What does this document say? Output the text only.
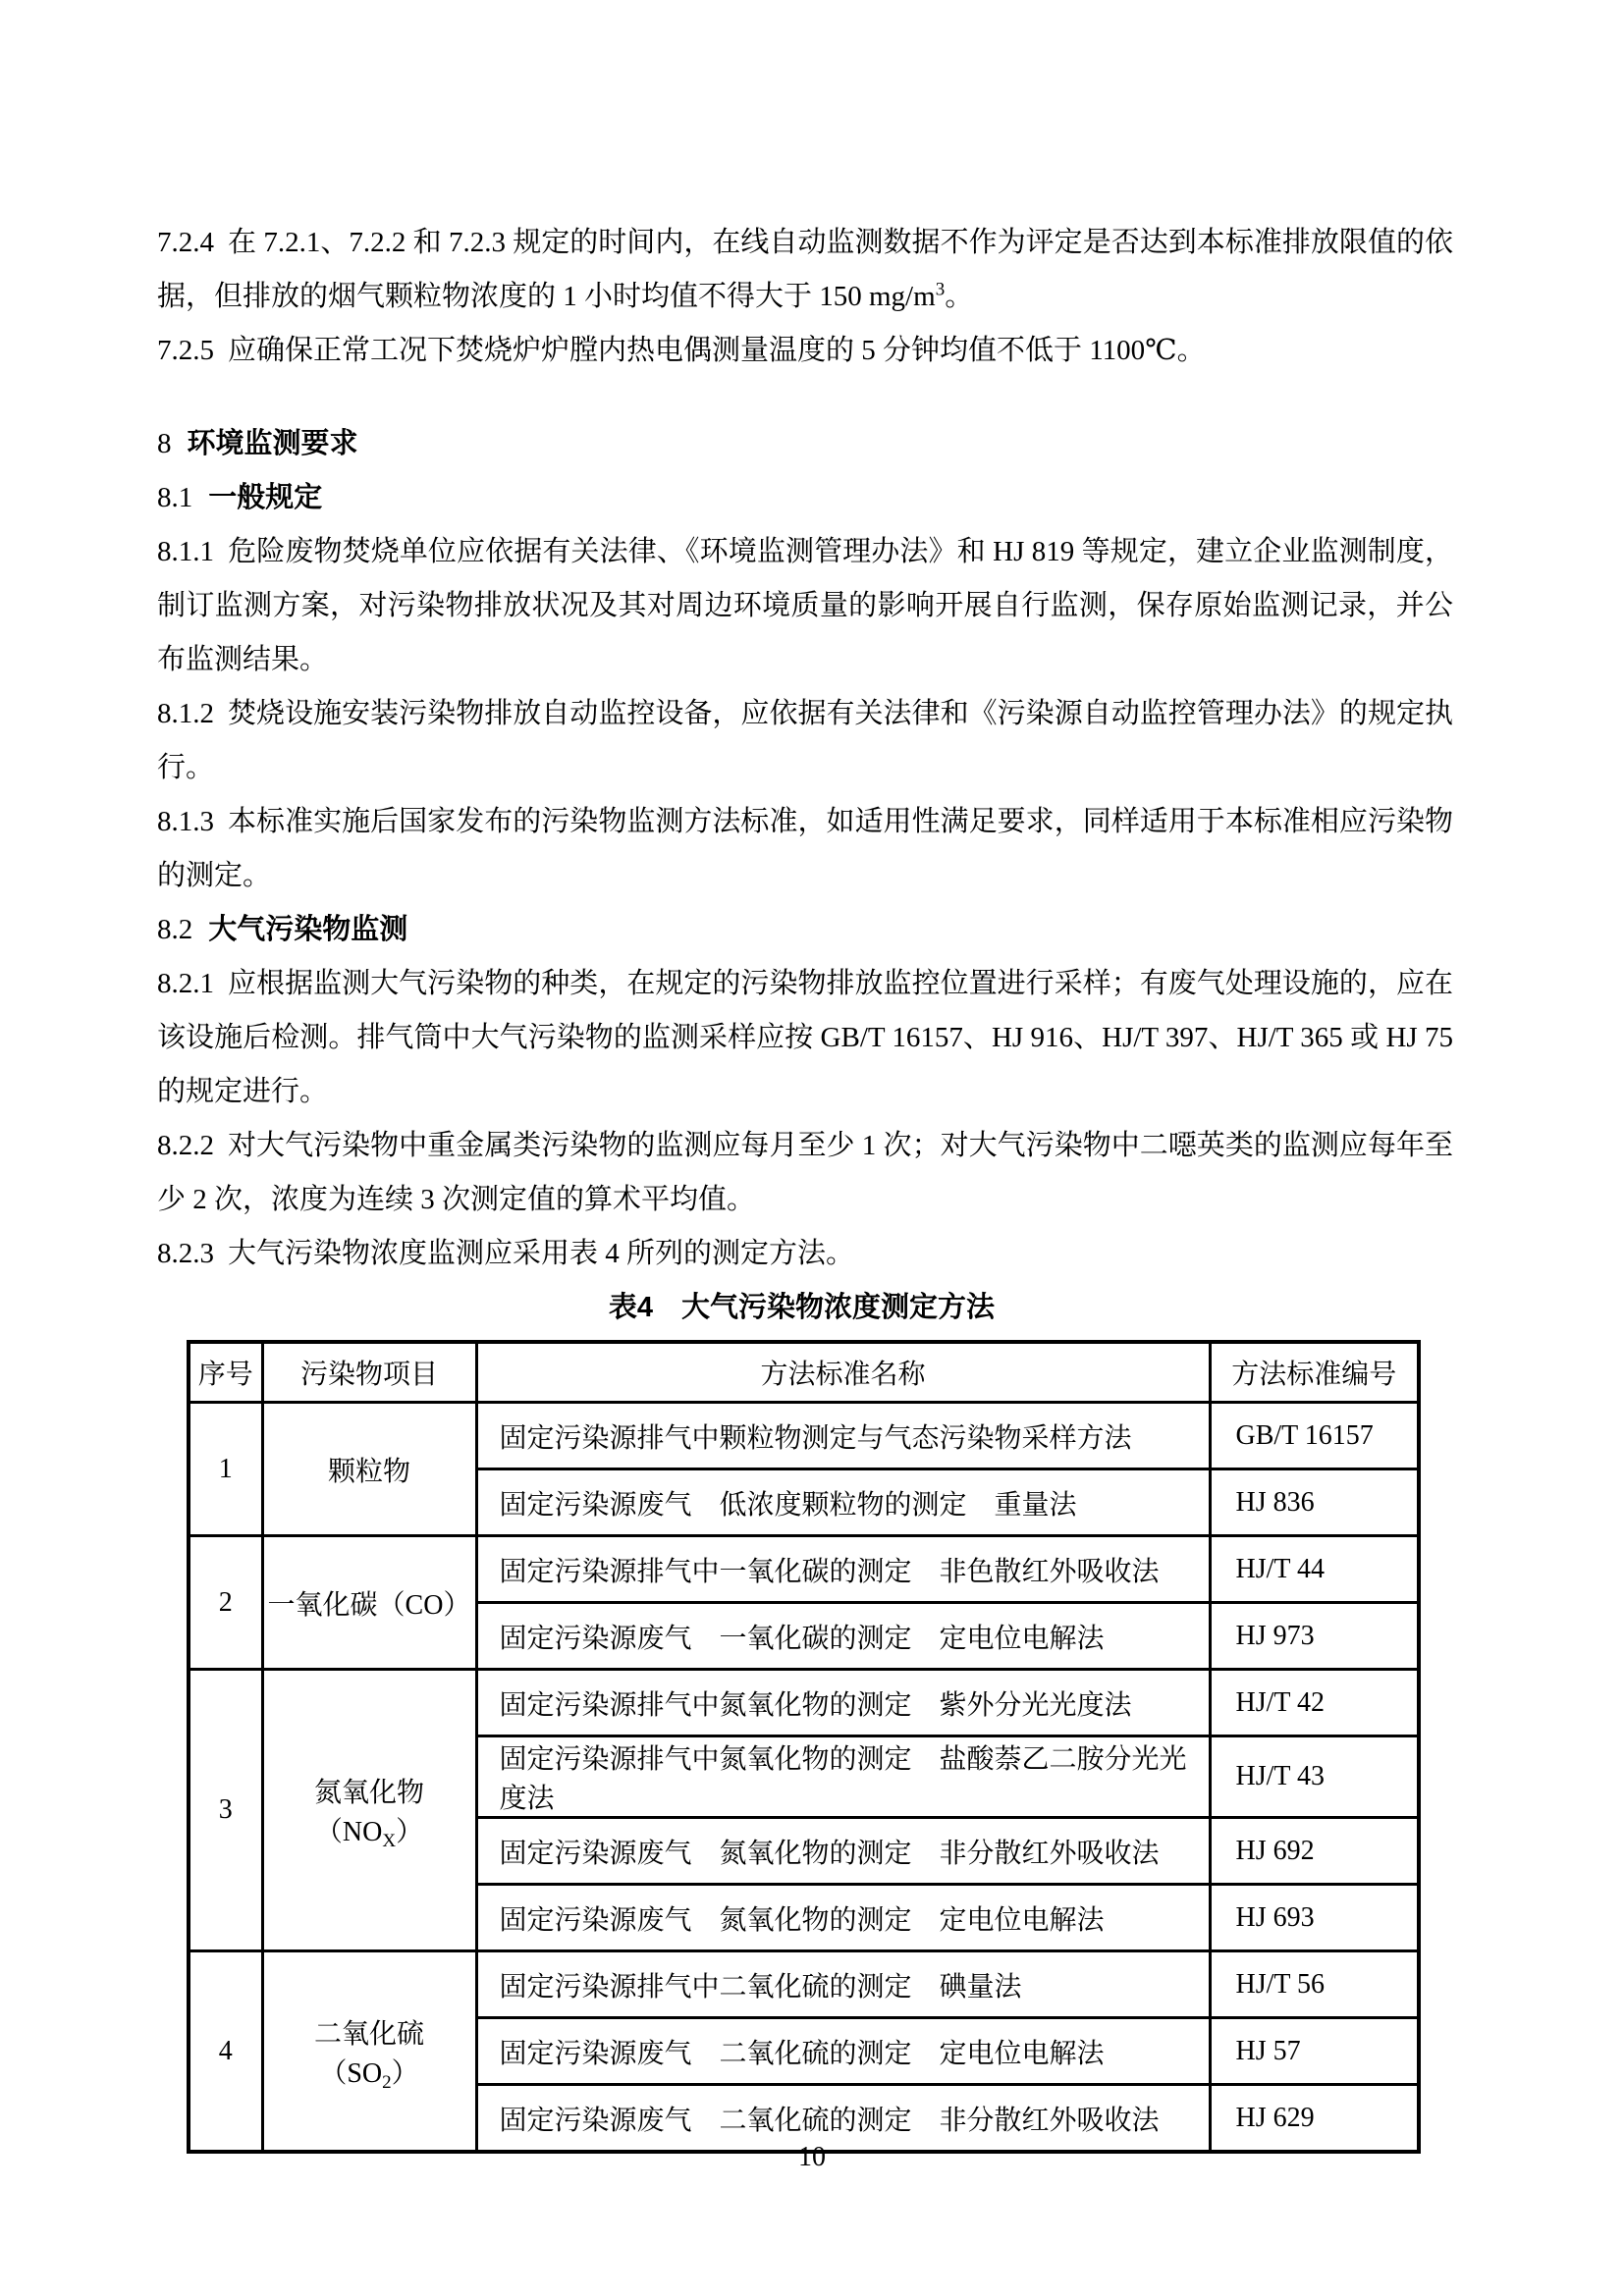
7.2.4 在 7.2.1、7.2.2 和 7.2.3 规定的时间内，在线自动监测数据不作为评定是否达到本标准排放限值的依据，但排放的烟气颗粒物浓度的 1 小时均值不得大于 150 $mg/m^3$。

7.2.5 应确保正常工况下焚烧炉炉膛内热电偶测量温度的 5 分钟均值不低于 1100℃。

8 环境监测要求

8.1 一般规定

8.1.1 危险废物焚烧单位应依据有关法律、《环境监测管理办法》和 HJ 819 等规定，建立企业监测制度，制订监测方案，对污染物排放状况及其对周边环境质量的影响开展自行监测，保存原始监测记录，并公布监测结果。

8.1.2 焚烧设施安装污染物排放自动监控设备，应依据有关法律和《污染源自动监控管理办法》的规定执行。

8.1.3 本标准实施后国家发布的污染物监测方法标准，如适用性满足要求，同样适用于本标准相应污染物的测定。

8.2 大气污染物监测

8.2.1 应根据监测大气污染物的种类，在规定的污染物排放监控位置进行采样；有废气处理设施的，应在该设施后检测。排气筒中大气污染物的监测采样应按 GB/T 16157、HJ 916、HJ/T 397、HJ/T 365 或 HJ 75 的规定进行。

8.2.2 对大气污染物中重金属类污染物的监测应每月至少 1 次；对大气污染物中二噁英类的监测应每年至少 2 次，浓度为连续 3 次测定值的算术平均值。

8.2.3 大气污染物浓度监测应采用表 4 所列的测定方法。

表4　大气污染物浓度测定方法

序号	污染物项目	方法标准名称	方法标准编号
1	颗粒物	固定污染源排气中颗粒物测定与气态污染物采样方法	GB/T 16157
		固定污染源废气　低浓度颗粒物的测定　重量法	HJ 836
2	一氧化碳（CO）	固定污染源排气中一氧化碳的测定　非色散红外吸收法	HJ/T 44
		固定污染源废气　一氧化碳的测定　定电位电解法	HJ 973
3	氮氧化物$(NO_X)$	固定污染源排气中氮氧化物的测定　紫外分光光度法	HJ/T 42
		固定污染源排气中氮氧化物的测定　盐酸萘乙二胺分光光度法	HJ/T 43
		固定污染源废气　氮氧化物的测定　非分散红外吸收法	HJ 692
		固定污染源废气　氮氧化物的测定　定电位电解法	HJ 693
4	二氧化硫$(SO_2)$	固定污染源排气中二氧化硫的测定　碘量法	HJ/T 56
		固定污染源废气　二氧化硫的测定　定电位电解法	HJ 57
		固定污染源废气　二氧化硫的测定　非分散红外吸收法	HJ 629
10
